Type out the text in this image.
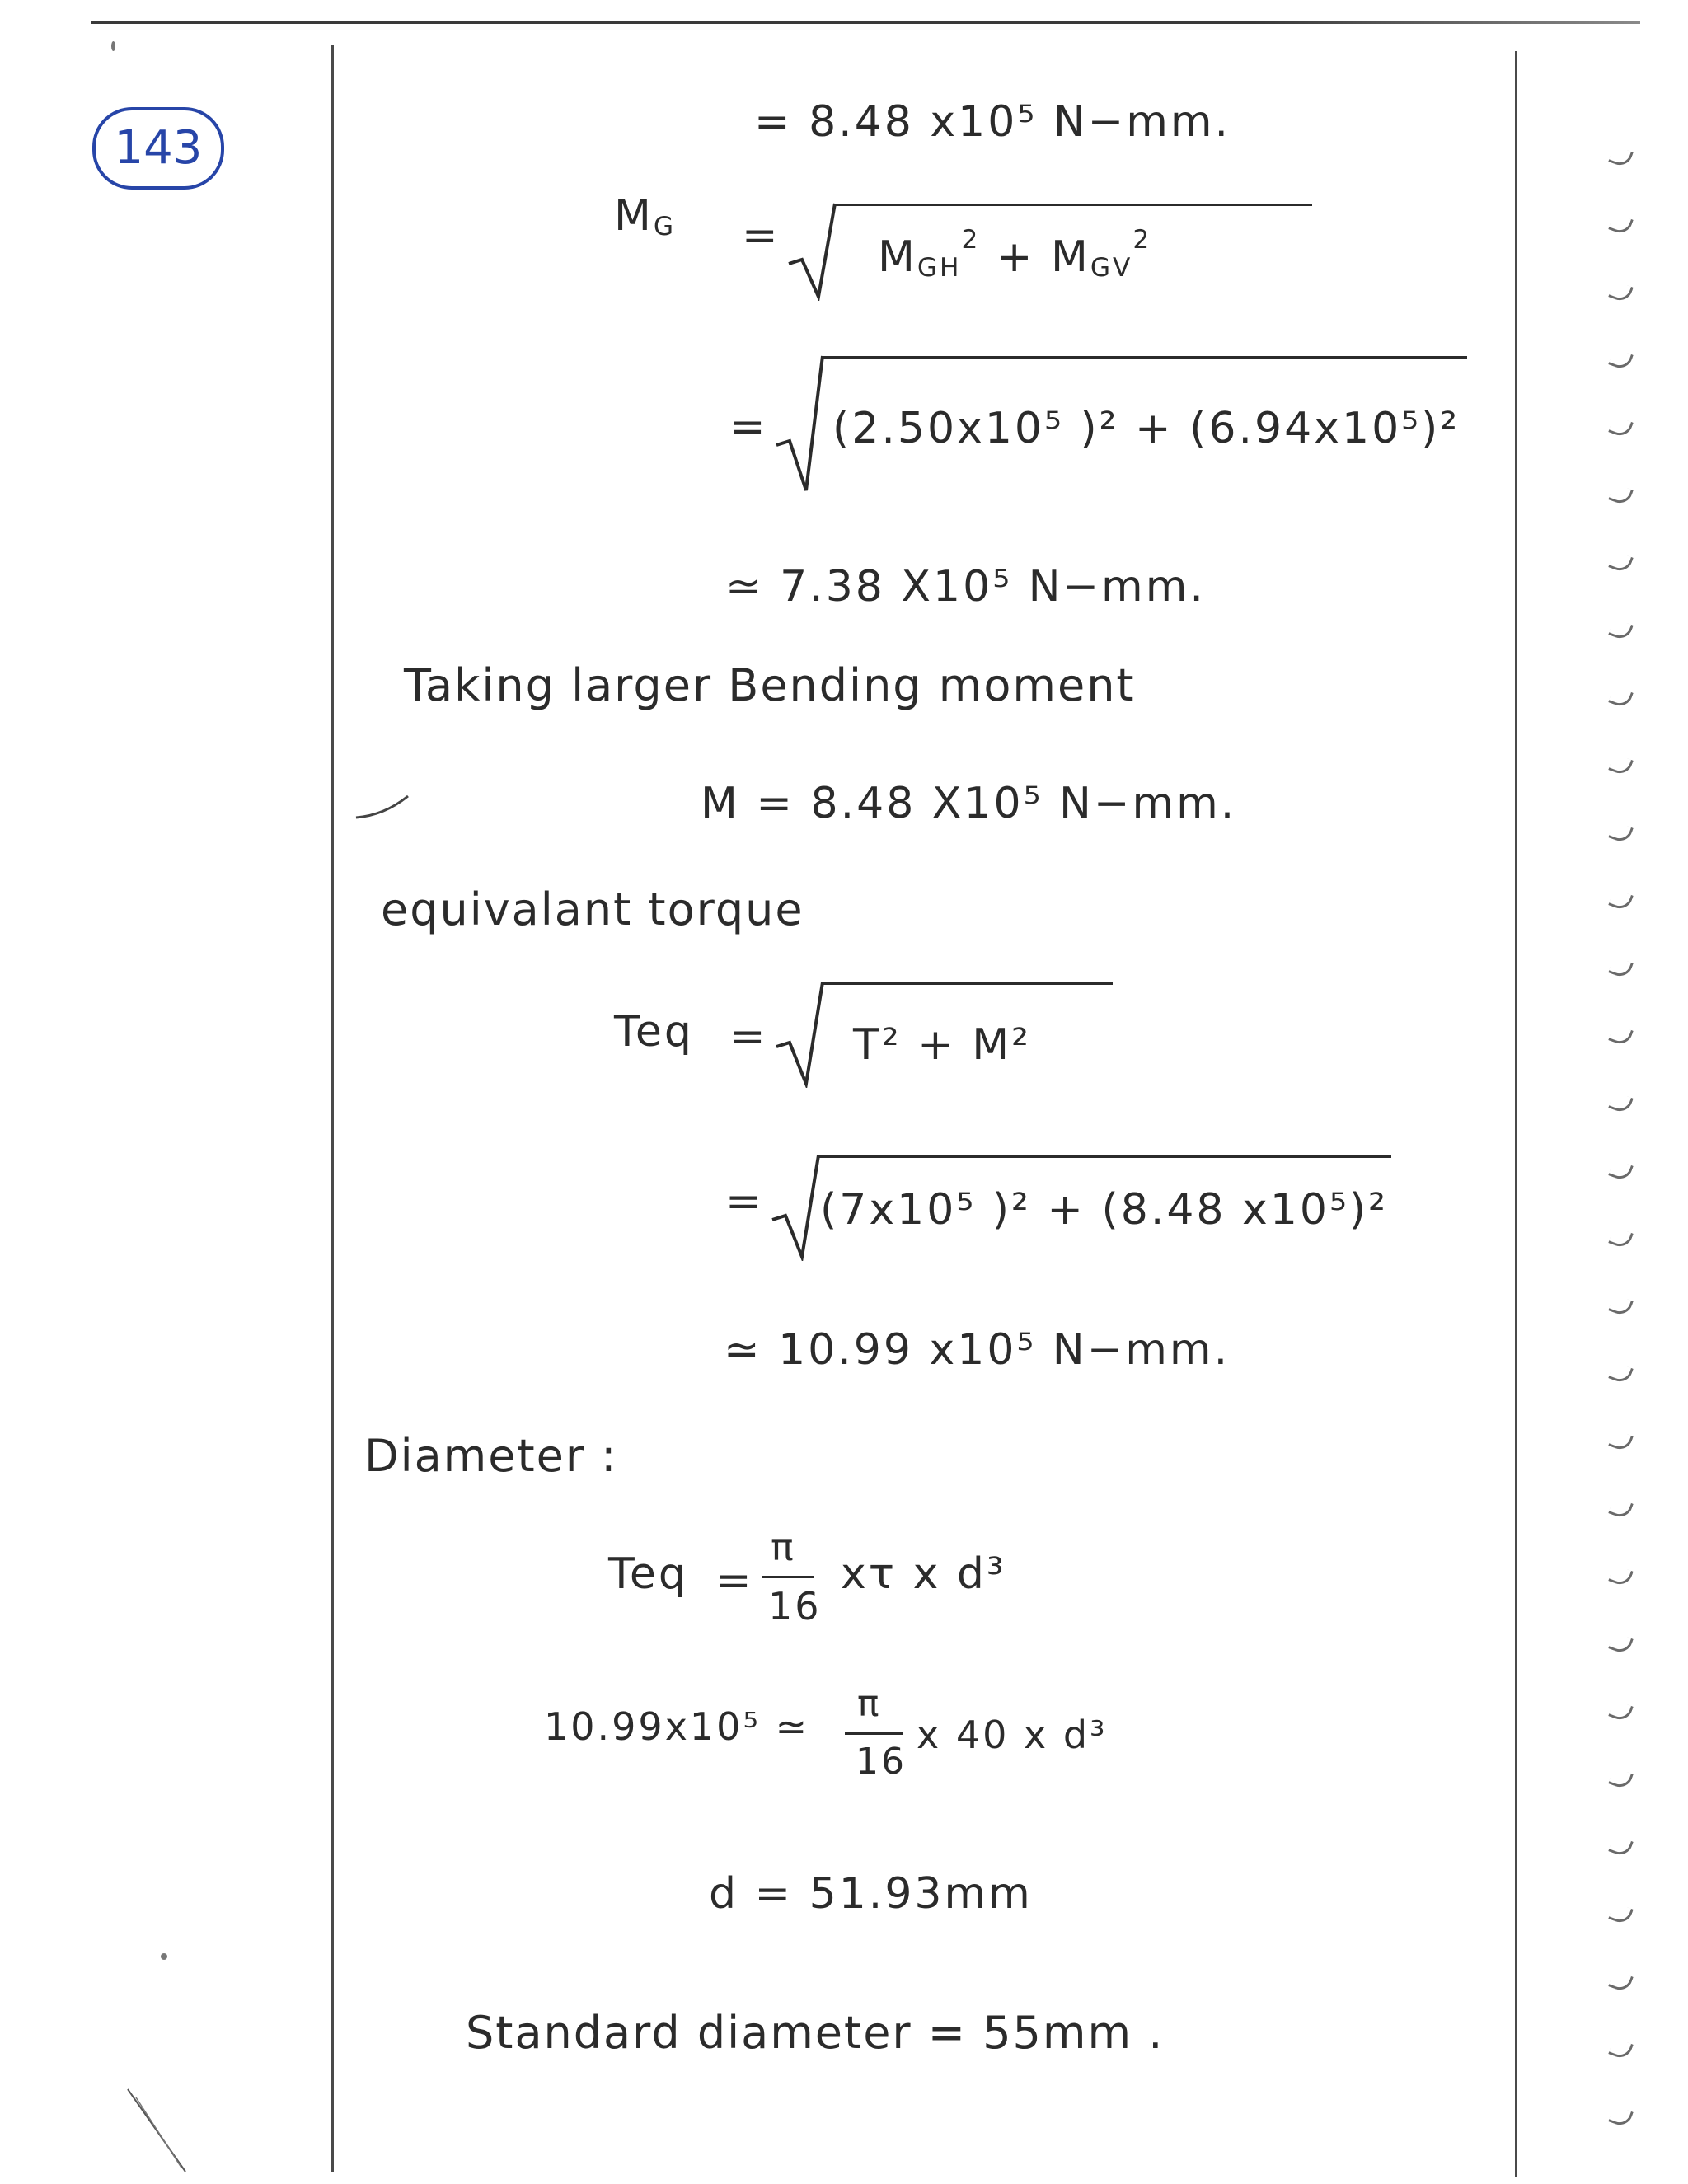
143	= 8.48 x10⁵ N−mm.
$M_G = M_{GH}^2 + M_{GV}^2$
= (2.50x10⁵ )² + (6.94x10⁵)²
≃ 7.38 X10⁵ N−mm.
Taking larger Bending moment
M = 8.48 X10⁵ N−mm.
equivalant torque
Teq = T² + M²
= (7x10⁵ )² + (8.48 x10⁵)²
≃ 10.99 x10⁵ N−mm.
Diameter :
Teq =
π
16
xτ x d³
10.99x10⁵ ≃
π
16
x 40 x d³
d = 51.93mm
Standard diameter = 55mm .
